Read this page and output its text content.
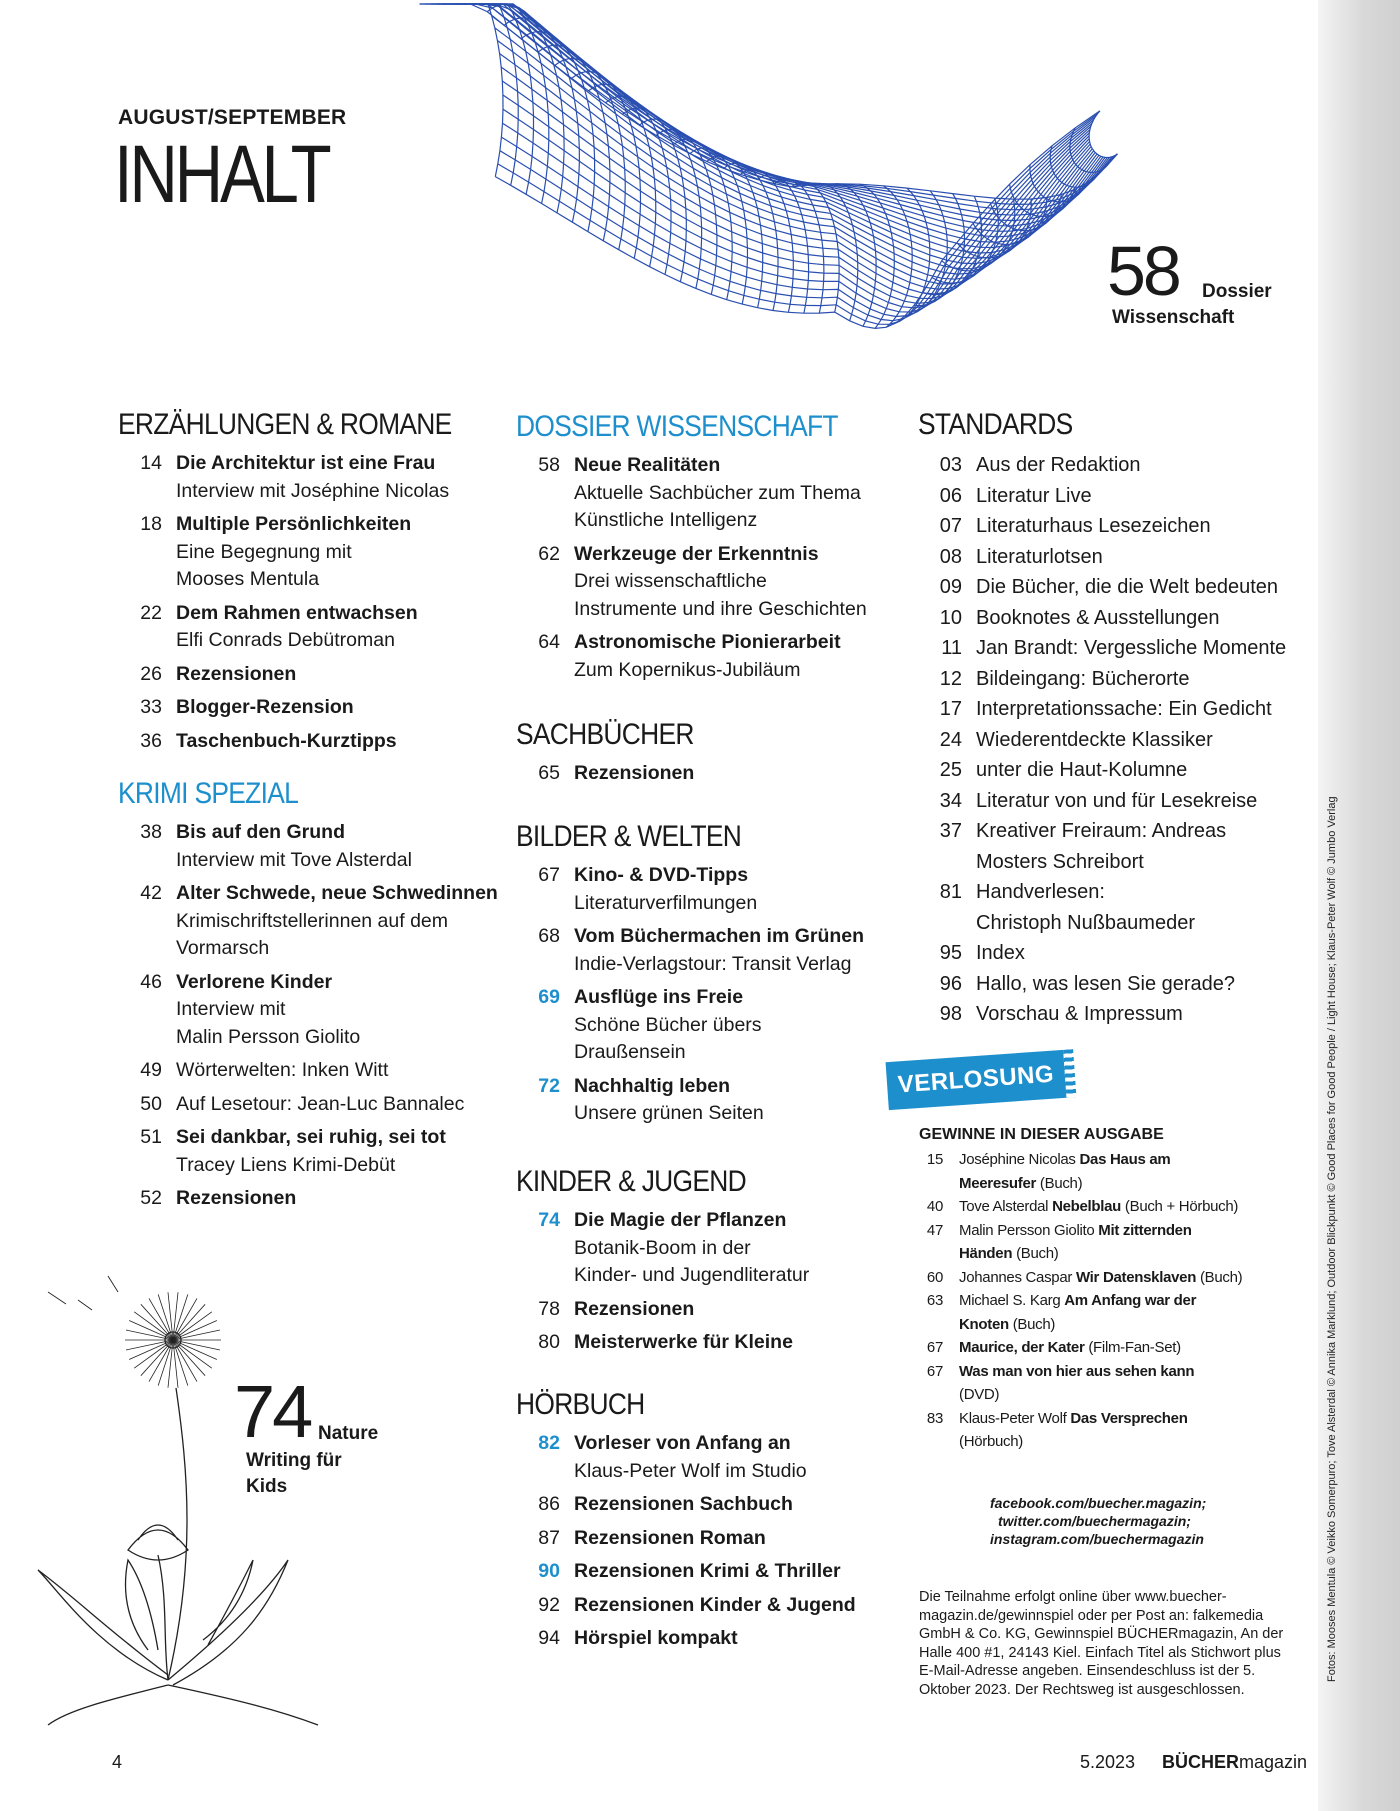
Fotos: Mooses Mentula © Veikko Somerpuro; Tove Alsterdal © Annika Marklund; Outdoor Blickpunkt © Good Places for Good People / Light House; Klaus-Peter Wolf © Jumbo Verlag
AUGUST/SEPTEMBER
INHALT
58 Dossier
Wissenschaft
ERZÄHLUNGEN & ROMANE
14 Die Architektur ist eine Frau
Interview mit Joséphine Nicolas
18 Multiple Persönlichkeiten
Eine Begegnung mit
Mooses Mentula
22 Dem Rahmen entwachsen
Elfi Conrads Debütroman
26 Rezensionen
33 Blogger-Rezension
36 Taschenbuch-Kurztipps
KRIMI SPEZIAL
38 Bis auf den Grund
Interview mit Tove Alsterdal
42 Alter Schwede, neue Schwedinnen
Krimischriftstellerinnen auf dem
Vormarsch
46 Verlorene Kinder
Interview mit
Malin Persson Giolito
49 Wörterwelten: Inken Witt
50 Auf Lesetour: Jean-Luc Bannalec
51 Sei dankbar, sei ruhig, sei tot
Tracey Liens Krimi-Debüt
52 Rezensionen
DOSSIER WISSENSCHAFT
58 Neue Realitäten
Aktuelle Sachbücher zum Thema
Künstliche Intelligenz
62 Werkzeuge der Erkenntnis
Drei wissenschaftliche
Instrumente und ihre Geschichten
64 Astronomische Pionierarbeit
Zum Kopernikus-Jubiläum
SACHBÜCHER
65 Rezensionen
BILDER & WELTEN
67 Kino- & DVD-Tipps
Literaturverfilmungen
68 Vom Büchermachen im Grünen
Indie-Verlagstour: Transit Verlag
69 Ausflüge ins Freie
Schöne Bücher übers
Draußensein
72 Nachhaltig leben
Unsere grünen Seiten
KINDER & JUGEND
74 Die Magie der Pflanzen
Botanik-Boom in der
Kinder- und Jugendliteratur
78 Rezensionen
80 Meisterwerke für Kleine
HÖRBUCH
82 Vorleser von Anfang an
Klaus-Peter Wolf im Studio
86 Rezensionen Sachbuch
87 Rezensionen Roman
90 Rezensionen Krimi & Thriller
92 Rezensionen Kinder & Jugend
94 Hörspiel kompakt
STANDARDS
03 Aus der Redaktion
06 Literatur Live
07 Literaturhaus Lesezeichen
08 Literaturlotsen
09 Die Bücher, die die Welt bedeuten
10 Booknotes & Ausstellungen
11 Jan Brandt: Vergessliche Momente
12 Bildeingang: Bücherorte
17 Interpretationssache: Ein Gedicht
24 Wiederentdeckte Klassiker
25 unter die Haut-Kolumne
34 Literatur von und für Lesekreise
37 Kreativer Freiraum: Andreas
Mosters Schreibort
81 Handverlesen:
Christoph Nußbaumeder
95 Index
96 Hallo, was lesen Sie gerade?
98 Vorschau & Impressum
VERLOSUNG
GEWINNE IN DIESER AUSGABE
15	Joséphine Nicolas Das Haus am
Meeresufer (Buch)
40	Tove Alsterdal Nebelblau (Buch + Hörbuch)
47	Malin Persson Giolito Mit zitternden
Händen (Buch)
60	Johannes Caspar Wir Datensklaven (Buch)
63	Michael S. Karg Am Anfang war der
Knoten (Buch)
67	Maurice, der Kater (Film-Fan-Set)
67	Was man von hier aus sehen kann
(DVD)
83	Klaus-Peter Wolf Das Versprechen
(Hörbuch)
facebook.com/buecher.magazin;
twitter.com/buechermagazin;
instagram.com/buechermagazin
Die Teilnahme erfolgt online über www.buecher-magazin.de/gewinnspiel oder per Post an: falkemedia GmbH & Co. KG, Gewinnspiel BÜCHERmagazin, An der Halle 400 #1, 24143 Kiel. Einfach Titel als Stichwort plus E-Mail-Adresse angeben. Einsendeschluss ist der 5. Oktober 2023. Der Rechtsweg ist ausgeschlossen.
74 Nature
Writing für Kids
4	5.2023 BÜCHERmagazin
